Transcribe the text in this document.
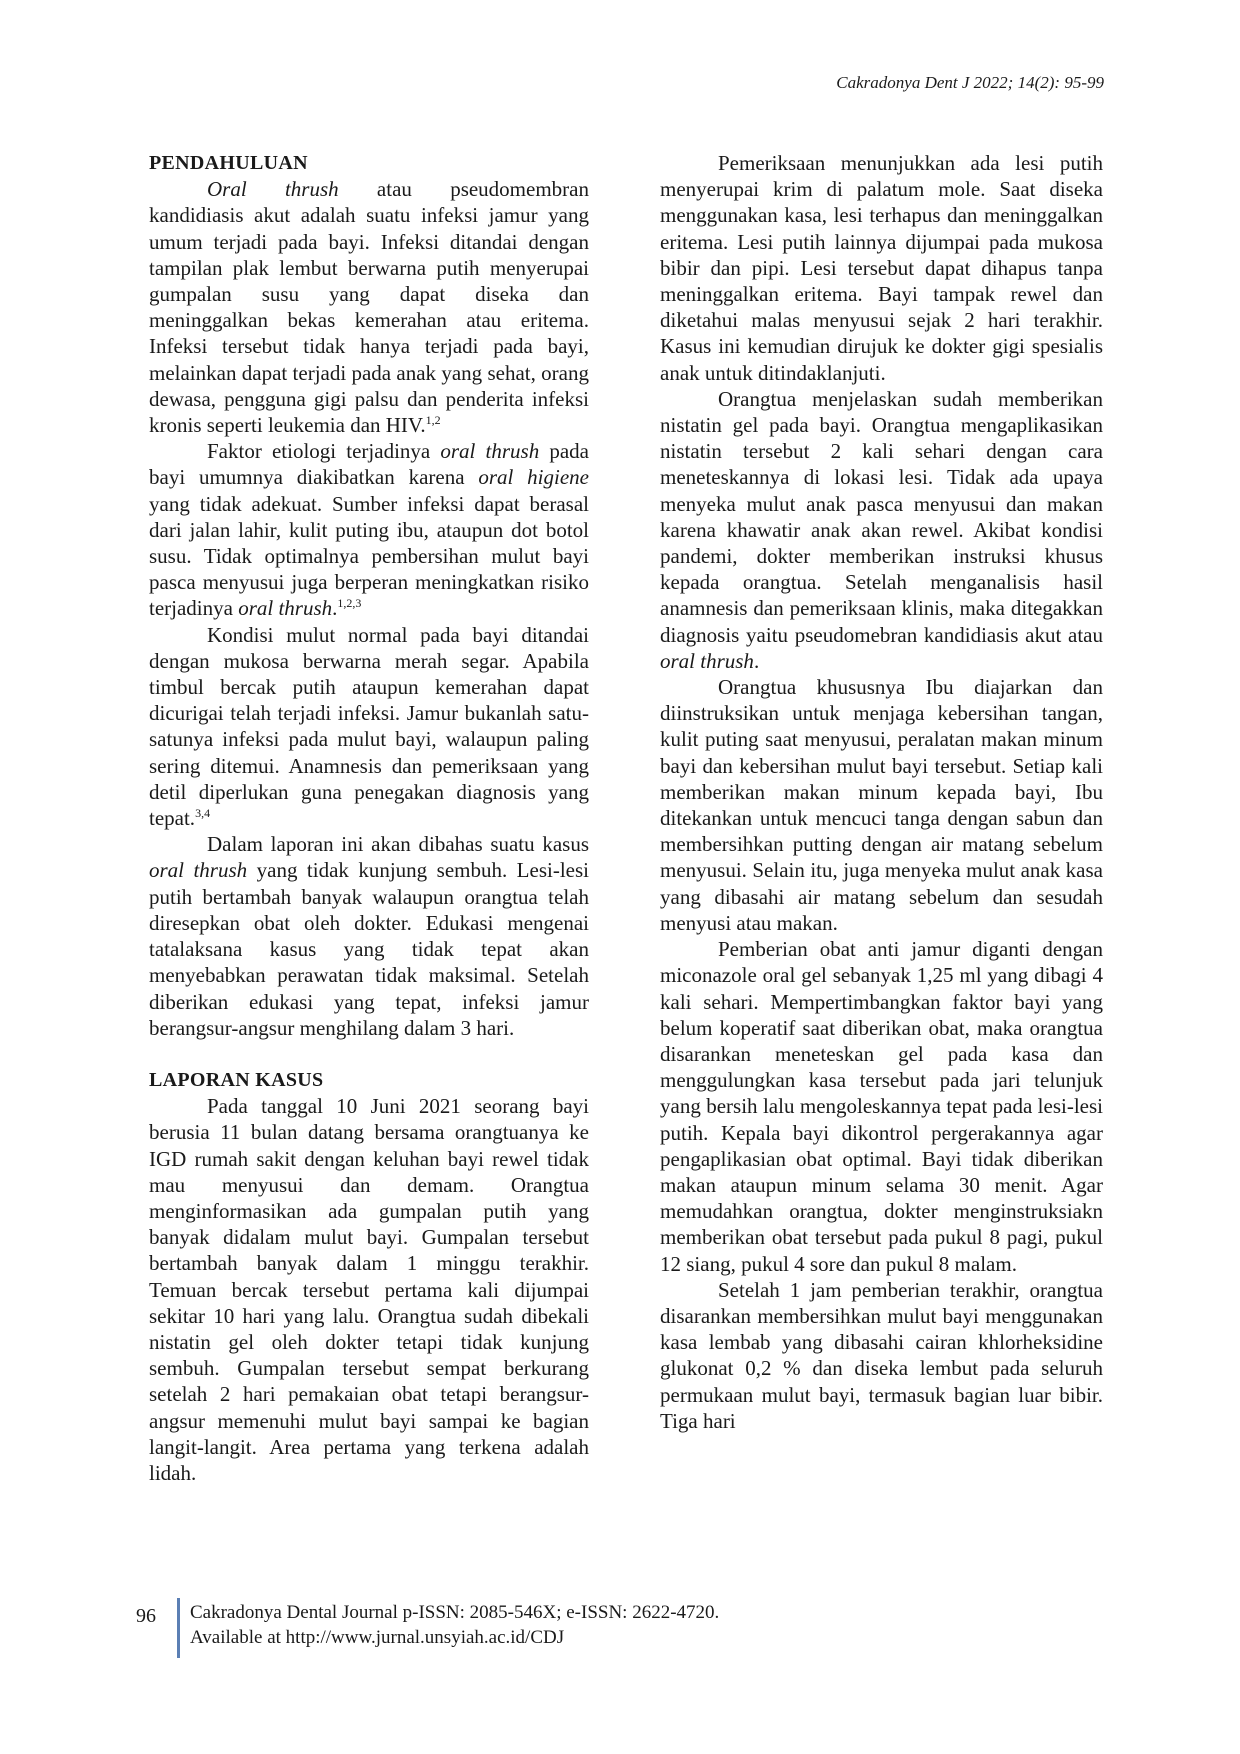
Cakradonya Dent J 2022; 14(2): 95-99
PENDAHULUAN

Oral thrush atau pseudomembran kandidiasis akut adalah suatu infeksi jamur yang umum terjadi pada bayi. Infeksi ditandai dengan tampilan plak lembut berwarna putih menyerupai gumpalan susu yang dapat diseka dan meninggalkan bekas kemerahan atau eritema. Infeksi tersebut tidak hanya terjadi pada bayi, melainkan dapat terjadi pada anak yang sehat, orang dewasa, pengguna gigi palsu dan penderita infeksi kronis seperti leukemia dan HIV.$^{1,2}$

Faktor etiologi terjadinya oral thrush pada bayi umumnya diakibatkan karena oral higiene yang tidak adekuat. Sumber infeksi dapat berasal dari jalan lahir, kulit puting ibu, ataupun dot botol susu. Tidak optimalnya pembersihan mulut bayi pasca menyusui juga berperan meningkatkan risiko terjadinya oral thrush.$^{1,2,3}$

Kondisi mulut normal pada bayi ditandai dengan mukosa berwarna merah segar. Apabila timbul bercak putih ataupun kemerahan dapat dicurigai telah terjadi infeksi. Jamur bukanlah satu-satunya infeksi pada mulut bayi, walaupun paling sering ditemui. Anamnesis dan pemeriksaan yang detil diperlukan guna penegakan diagnosis yang tepat.$^{3,4}$

Dalam laporan ini akan dibahas suatu kasus oral thrush yang tidak kunjung sembuh. Lesi-lesi putih bertambah banyak walaupun orangtua telah diresepkan obat oleh dokter. Edukasi mengenai tatalaksana kasus yang tidak tepat akan menyebabkan perawatan tidak maksimal. Setelah diberikan edukasi yang tepat, infeksi jamur berangsur-angsur menghilang dalam 3 hari.

LAPORAN KASUS

Pada tanggal 10 Juni 2021 seorang bayi berusia 11 bulan datang bersama orangtuanya ke IGD rumah sakit dengan keluhan bayi rewel tidak mau menyusui dan demam. Orangtua menginformasikan ada gumpalan putih yang banyak didalam mulut bayi. Gumpalan tersebut bertambah banyak dalam 1 minggu terakhir. Temuan bercak tersebut pertama kali dijumpai sekitar 10 hari yang lalu. Orangtua sudah dibekali nistatin gel oleh dokter tetapi tidak kunjung sembuh. Gumpalan tersebut sempat berkurang setelah 2 hari pemakaian obat tetapi berangsur-angsur memenuhi mulut bayi sampai ke bagian langit-langit. Area pertama yang terkena adalah lidah.

Pemeriksaan menunjukkan ada lesi putih menyerupai krim di palatum mole. Saat diseka menggunakan kasa, lesi terhapus dan meninggalkan eritema. Lesi putih lainnya dijumpai pada mukosa bibir dan pipi. Lesi tersebut dapat dihapus tanpa meninggalkan eritema. Bayi tampak rewel dan diketahui malas menyusui sejak 2 hari terakhir. Kasus ini kemudian dirujuk ke dokter gigi spesialis anak untuk ditindaklanjuti.

Orangtua menjelaskan sudah memberikan nistatin gel pada bayi. Orangtua mengaplikasikan nistatin tersebut 2 kali sehari dengan cara meneteskannya di lokasi lesi. Tidak ada upaya menyeka mulut anak pasca menyusui dan makan karena khawatir anak akan rewel. Akibat kondisi pandemi, dokter memberikan instruksi khusus kepada orangtua. Setelah menganalisis hasil anamnesis dan pemeriksaan klinis, maka ditegakkan diagnosis yaitu pseudomebran kandidiasis akut atau oral thrush.

Orangtua khususnya Ibu diajarkan dan diinstruksikan untuk menjaga kebersihan tangan, kulit puting saat menyusui, peralatan makan minum bayi dan kebersihan mulut bayi tersebut. Setiap kali memberikan makan minum kepada bayi, Ibu ditekankan untuk mencuci tanga dengan sabun dan membersihkan putting dengan air matang sebelum menyusui. Selain itu, juga menyeka mulut anak kasa yang dibasahi air matang sebelum dan sesudah menyusi atau makan.

Pemberian obat anti jamur diganti dengan miconazole oral gel sebanyak 1,25 ml yang dibagi 4 kali sehari. Mempertimbangkan faktor bayi yang belum koperatif saat diberikan obat, maka orangtua disarankan meneteskan gel pada kasa dan menggulungkan kasa tersebut pada jari telunjuk yang bersih lalu mengoleskannya tepat pada lesi-lesi putih. Kepala bayi dikontrol pergerakannya agar pengaplikasian obat optimal. Bayi tidak diberikan makan ataupun minum selama 30 menit. Agar memudahkan orangtua, dokter menginstruksiakn memberikan obat tersebut pada pukul 8 pagi, pukul 12 siang, pukul 4 sore dan pukul 8 malam.

Setelah 1 jam pemberian terakhir, orangtua disarankan membersihkan mulut bayi menggunakan kasa lembab yang dibasahi cairan khlorheksidine glukonat 0,2 % dan diseka lembut pada seluruh permukaan mulut bayi, termasuk bagian luar bibir. Tiga hari

96 Cakradonya Dental Journal p-ISSN: 2085-546X; e-ISSN: 2622-4720.
Available at http://www.jurnal.unsyiah.ac.id/CDJ
